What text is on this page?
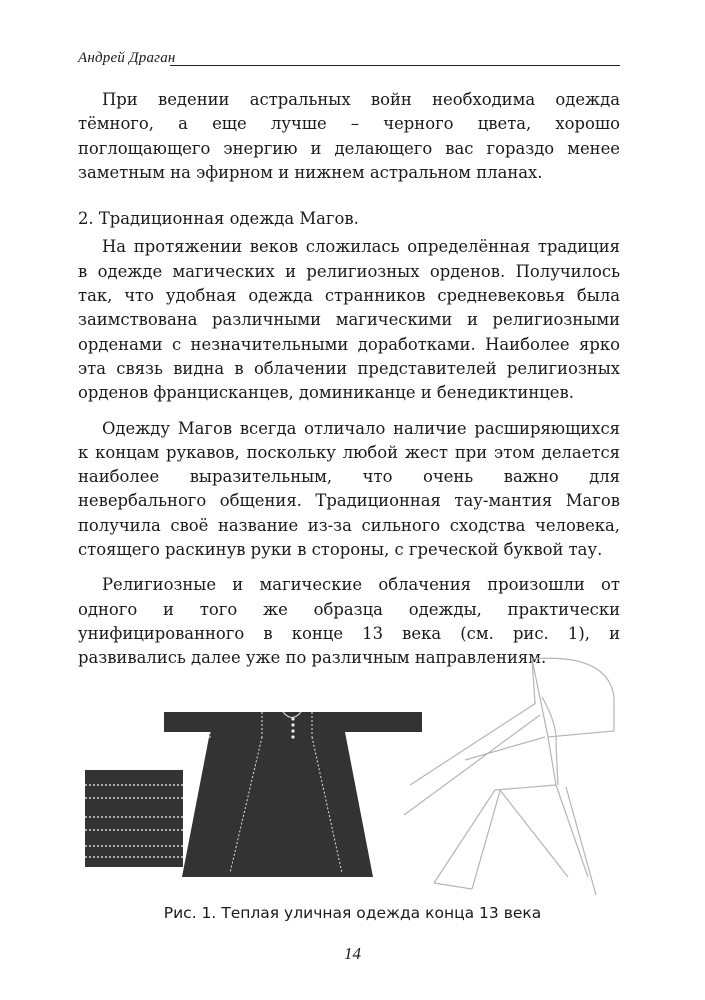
Андрей Драган

При ведении астральных войн необходима одежда тёмного, а еще лучше – черного цвета, хорошо поглощающего энергию и делающего вас гораздо менее заметным на эфирном и нижнем астральном планах.

2. Традиционная одежда Магов.

На протяжении веков сложилась определённая традиция в одежде магических и религиозных орденов. Получилось так, что удобная одежда странников средневековья была заимствована различными магическими и религиозными орденами с незначительными доработками. Наиболее ярко эта связь видна в облачении представителей религиозных орденов францисканцев, доминиканце и бенедиктинцев.

Одежду Магов всегда отличало наличие расширяющихся к концам рукавов, поскольку любой жест при этом делается наиболее выразительным, что очень важно для невербального общения. Традиционная тау-мантия Магов получила своё название из-за сильного сходства человека, стоящего раскинув руки в стороны, с греческой буквой тау.

Религиозные и магические облачения произошли от одного и того же образца одежды, практически унифицированного в конце 13 века (см. рис. 1), и развивались далее уже по различным направлениям.

Рис. 1. Теплая уличная одежда конца 13 века
14
